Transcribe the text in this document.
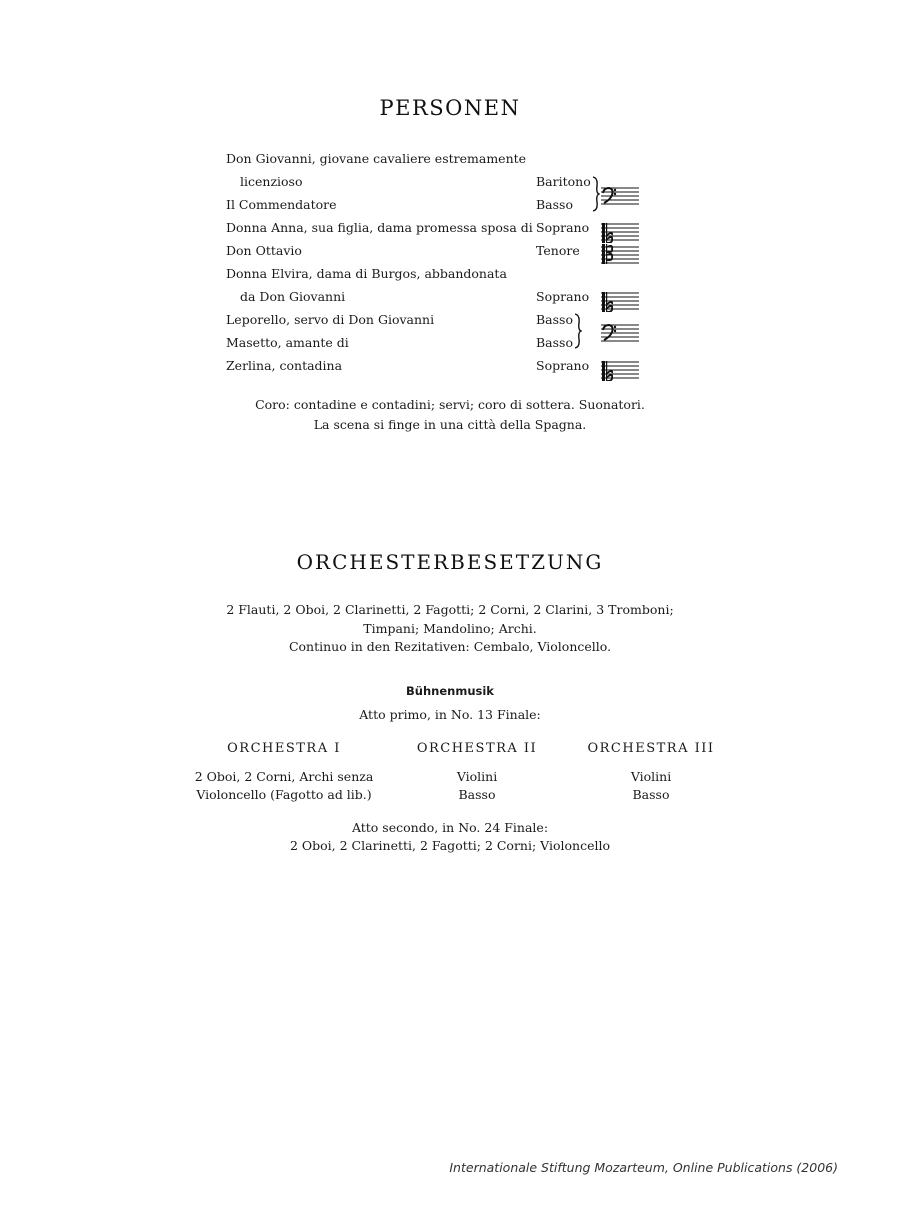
PERSONEN
Don Giovanni, giovane cavaliere estremamente
licenzioso	Baritono
Il Commendatore	Basso
Donna Anna, sua figlia, dama promessa sposa di Soprano
Don Ottavio	Tenore
Donna Elvira, dama di Burgos, abbandonata
da Don Giovanni	Soprano
Leporello, servo di Don Giovanni	Basso
Masetto, amante di	Basso
Zerlina, contadina	Soprano
Coro: contadine e contadini; servi; coro di sottera. Suonatori.
La scena si finge in una città della Spagna.
ORCHESTERBESETZUNG
2 Flauti, 2 Oboi, 2 Clarinetti, 2 Fagotti; 2 Corni, 2 Clarini, 3 Tromboni;
Timpani; Mandolino; Archi.
Continuo in den Rezitativen: Cembalo, Violoncello.
Bühnenmusik
Atto primo, in No. 13 Finale:
ORCHESTRA I
2 Oboi, 2 Corni, Archi senza
Violoncello (Fagotto ad lib.)
ORCHESTRA II
Violini
Basso
ORCHESTRA III
Violini
Basso
Atto secondo, in No. 24 Finale:
2 Oboi, 2 Clarinetti, 2 Fagotti; 2 Corni; Violoncello
Internationale Stiftung Mozarteum, Online Publications (2006)
